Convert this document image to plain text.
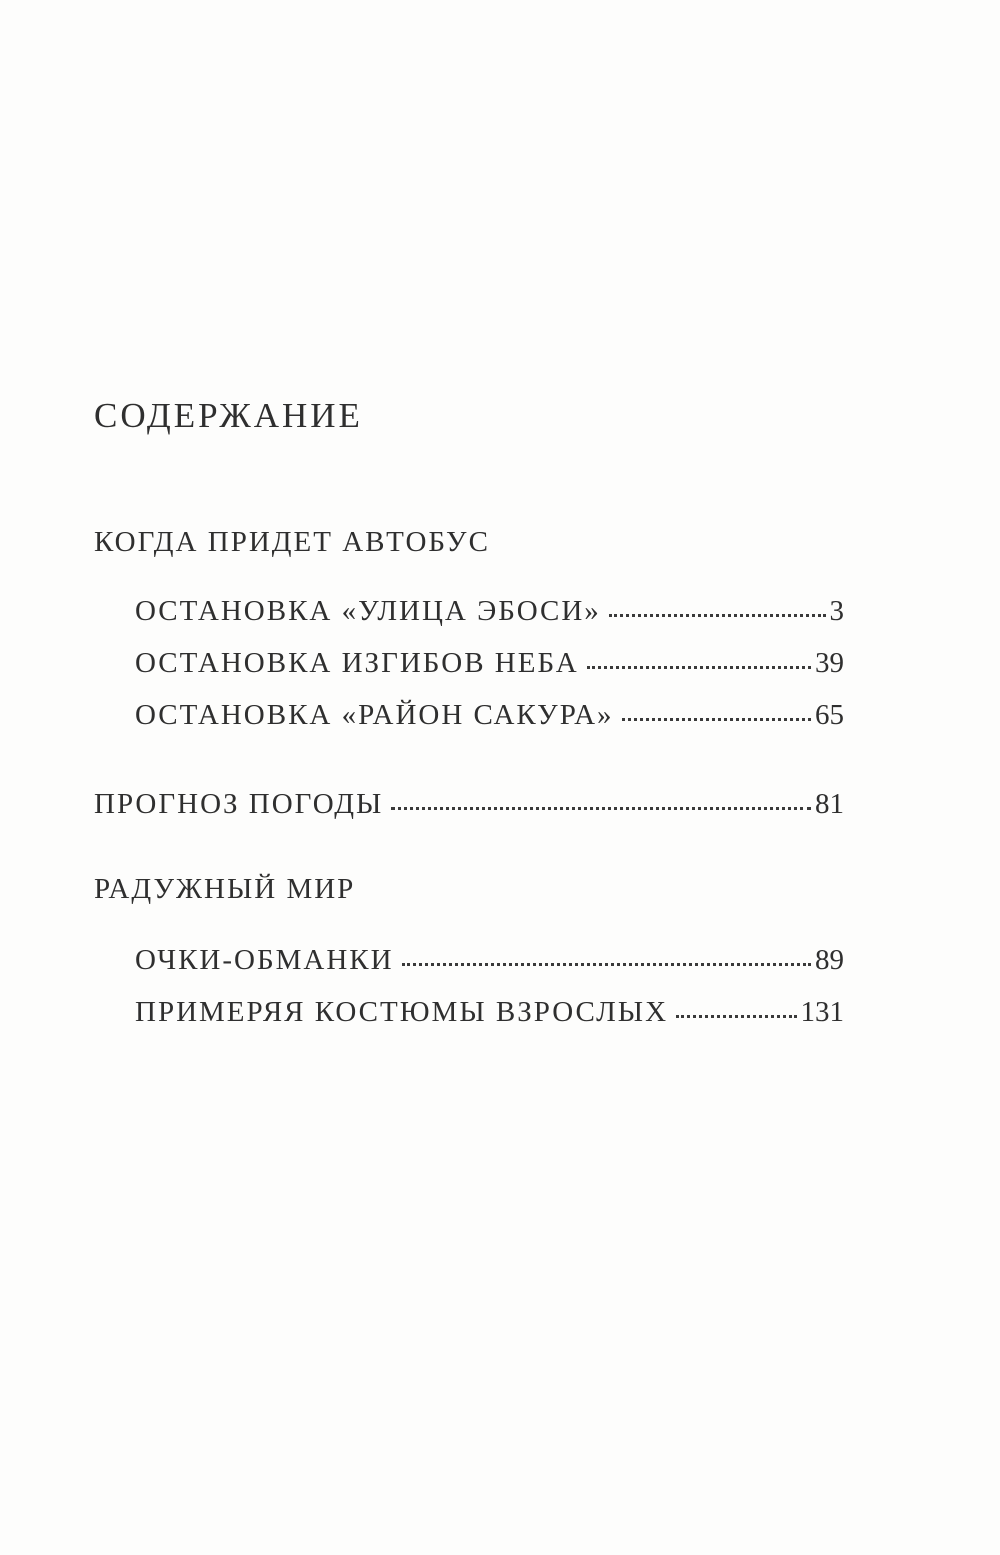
СОДЕРЖАНИЕ
КОГДА ПРИДЕТ АВТОБУС
ОСТАНОВКА «УЛИЦА ЭБОСИ»	3
ОСТАНОВКА ИЗГИБОВ НЕБА	39
ОСТАНОВКА «РАЙОН САКУРА»	65
ПРОГНОЗ ПОГОДЫ	81
РАДУЖНЫЙ МИР
ОЧКИ-ОБМАНКИ	89
ПРИМЕРЯЯ КОСТЮМЫ ВЗРОСЛЫХ	131
